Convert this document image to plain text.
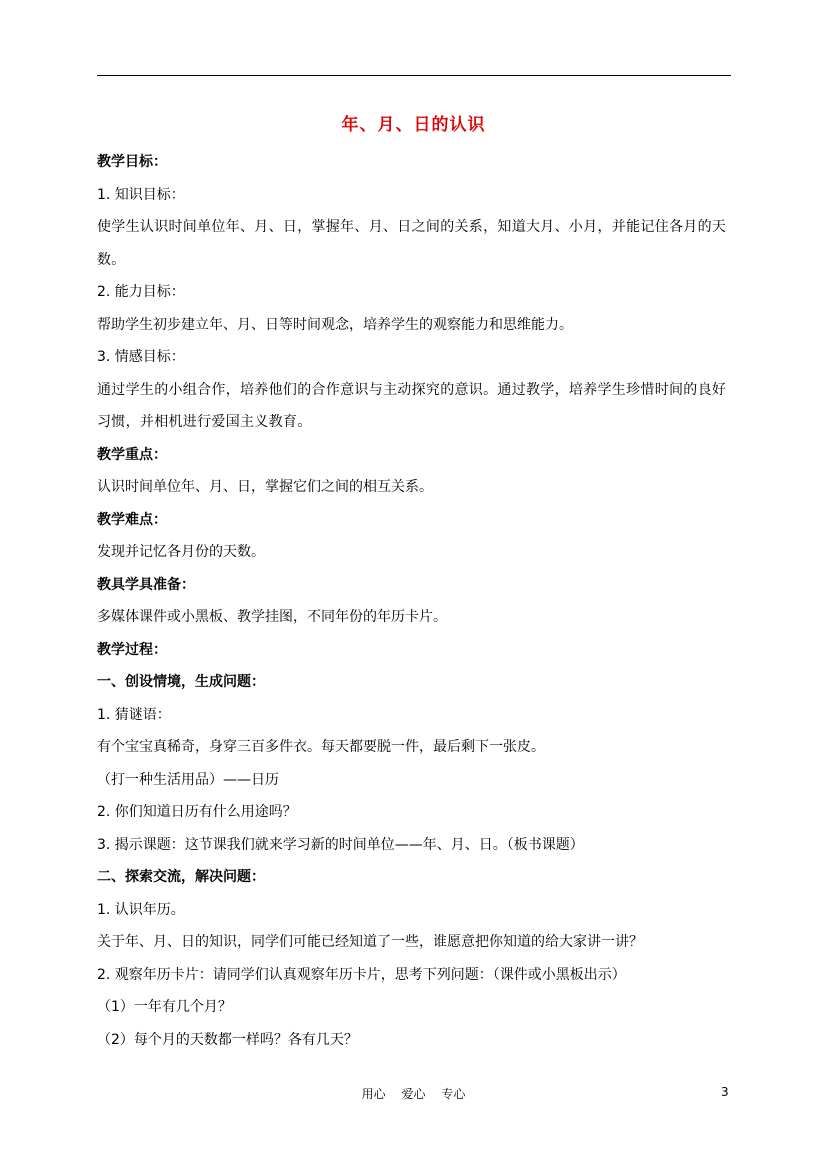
年、月、日的认识
教学目标：
1. 知识目标：
使学生认识时间单位年、月、日，掌握年、月、日之间的关系，知道大月、小月，并能记住各月的天数。
2. 能力目标：
帮助学生初步建立年、月、日等时间观念，培养学生的观察能力和思维能力。
3. 情感目标：
通过学生的小组合作，培养他们的合作意识与主动探究的意识。通过教学，培养学生珍惜时间的良好习惯，并相机进行爱国主义教育。
教学重点：
认识时间单位年、月、日，掌握它们之间的相互关系。
教学难点：
发现并记忆各月份的天数。
教具学具准备：
多媒体课件或小黑板、教学挂图，不同年份的年历卡片。
教学过程：
一、创设情境，生成问题：
1. 猜谜语：
有个宝宝真稀奇，身穿三百多件衣。每天都要脱一件，最后剩下一张皮。
（打一种生活用品）——日历
2. 你们知道日历有什么用途吗？
3. 揭示课题：这节课我们就来学习新的时间单位——年、月、日。（板书课题）
二、探索交流，解决问题：
1. 认识年历。
关于年、月、日的知识，同学们可能已经知道了一些，谁愿意把你知道的给大家讲一讲？
2. 观察年历卡片：请同学们认真观察年历卡片，思考下列问题：（课件或小黑板出示）
（1）一年有几个月？
（2）每个月的天数都一样吗？各有几天？
用心 爱心 专心	3
